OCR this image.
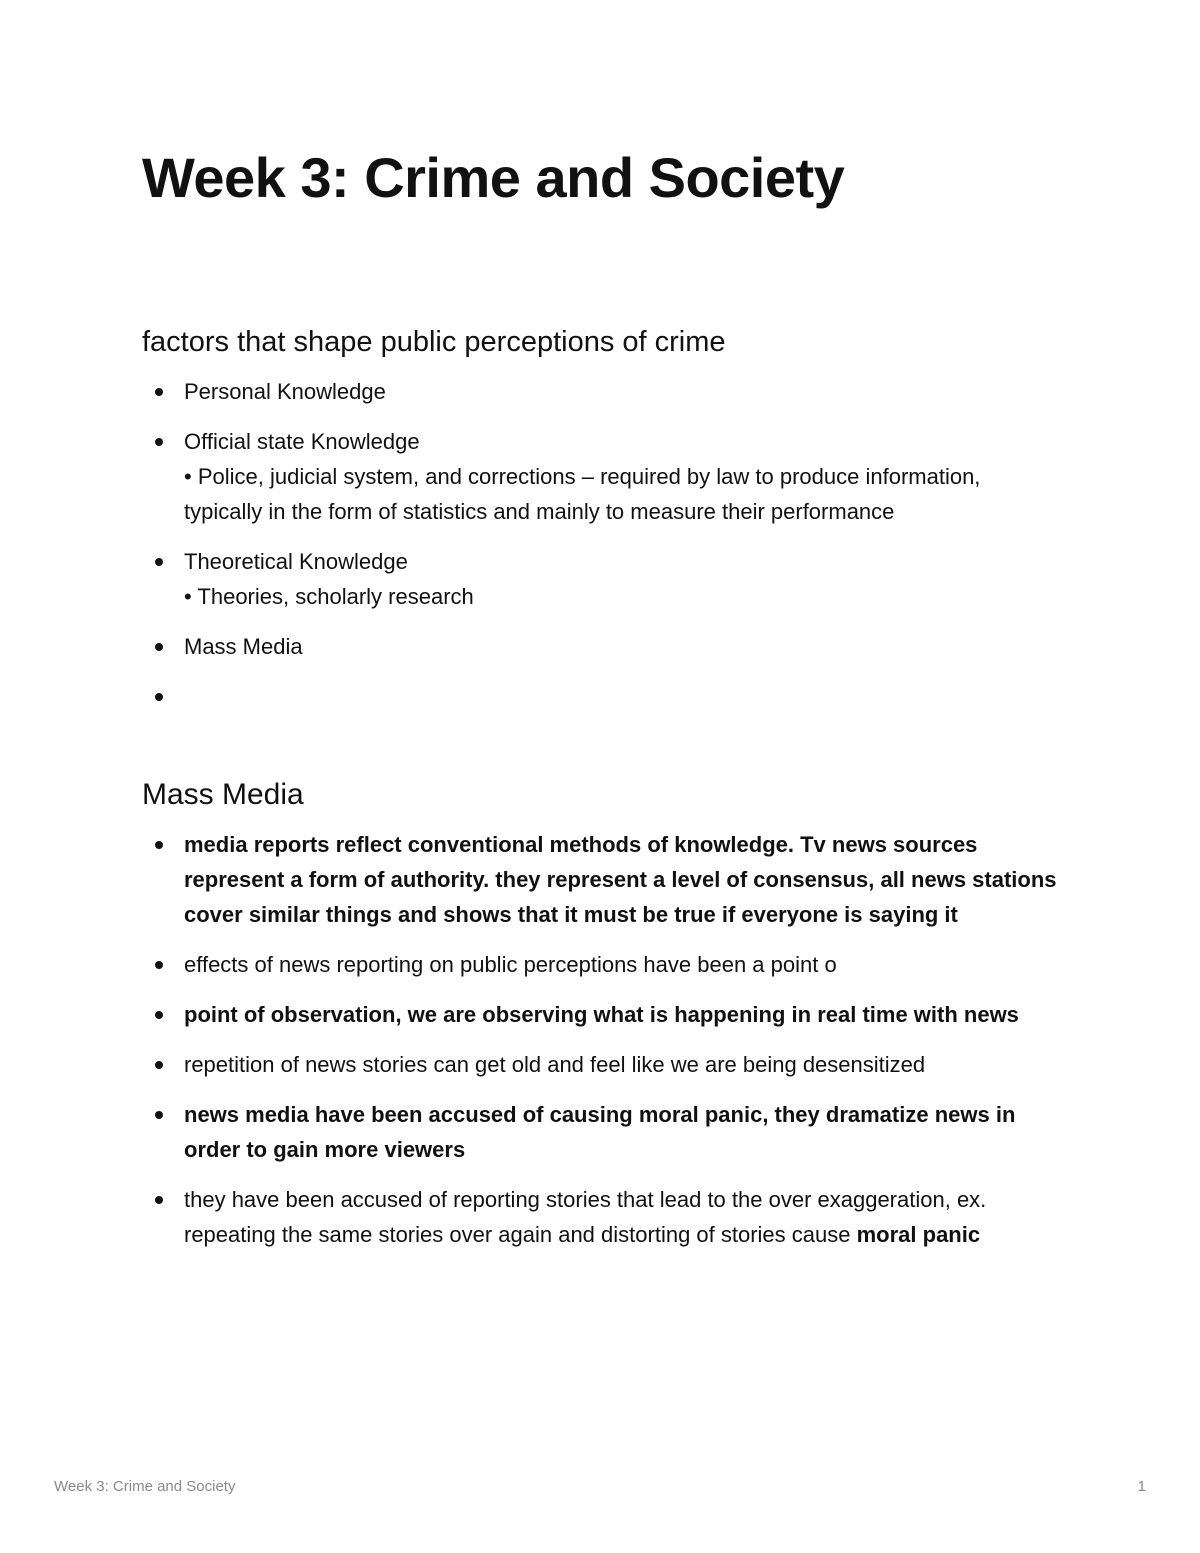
Week 3: Crime and Society
factors that shape public perceptions of crime
Personal Knowledge
Official state Knowledge
• Police, judicial system, and corrections – required by law to produce information, typically in the form of statistics and mainly to measure their performance
Theoretical Knowledge
• Theories, scholarly research
Mass Media
Mass Media
media reports reflect conventional methods of knowledge. Tv news sources represent a form of authority. they represent a level of consensus, all news stations cover similar things and shows that it must be true if everyone is saying it
effects of news reporting on public perceptions have been a point o
point of observation, we are observing what is happening in real time with news
repetition of news stories can get old and feel like we are being desensitized
news media have been accused of causing moral panic, they dramatize news in order to gain more viewers
they have been accused of reporting stories that lead to the over exaggeration, ex. repeating the same stories over again and distorting of stories cause moral panic
Week 3: Crime and Society	1
